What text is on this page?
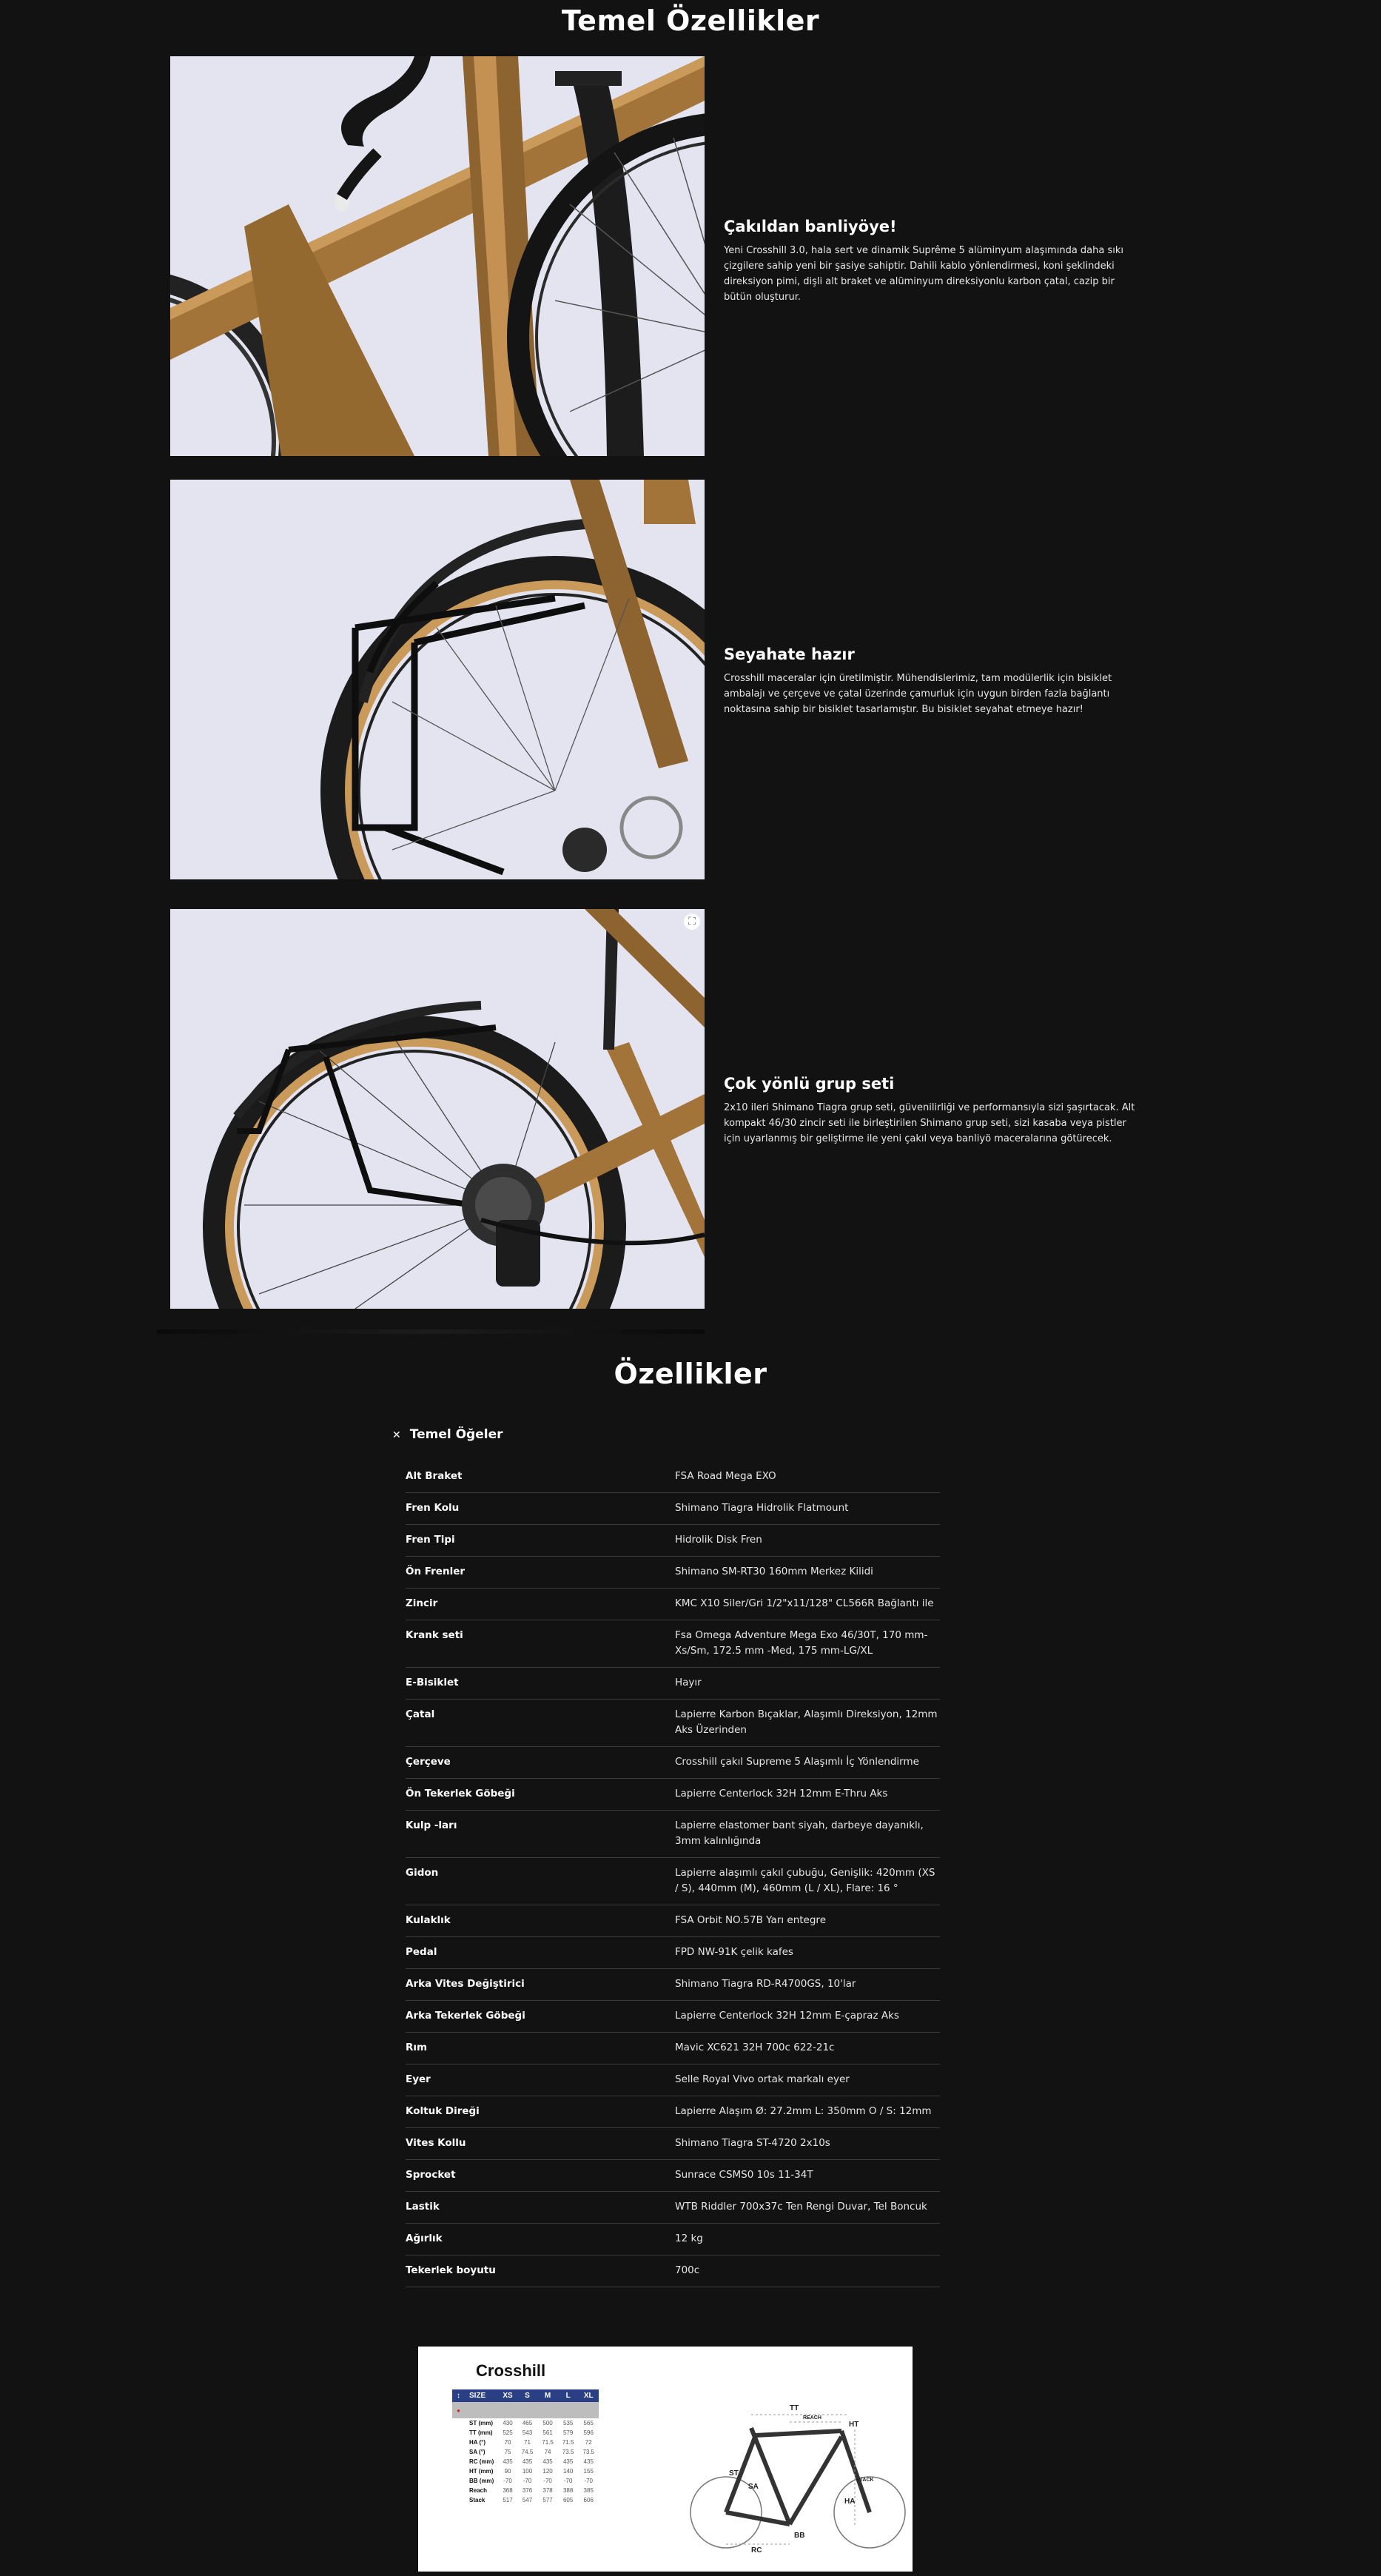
Temel Özellikler
Çakıldan banliyöye!

Yeni Crosshill 3.0, hala sert ve dinamik Suprême 5 alüminyum alaşımında daha sıkı çizgilere sahip yeni bir şasiye sahiptir. Dahili kablo yönlendirmesi, koni şeklindeki direksiyon pimi, dişli alt braket ve alüminyum direksiyonlu karbon çatal, cazip bir bütün oluşturur.

Seyahate hazır

Crosshill maceralar için üretilmiştir. Mühendislerimiz, tam modülerlik için bisiklet ambalajı ve çerçeve ve çatal üzerinde çamurluk için uygun birden fazla bağlantı noktasına sahip bir bisiklet tasarlamıştır. Bu bisiklet seyahat etmeye hazır!

⛶
Çok yönlü grup seti

2x10 ileri Shimano Tiagra grup seti, güvenilirliği ve performansıyla sizi şaşırtacak. Alt kompakt 46/30 zincir seti ile birleştirilen Shimano grup seti, sizi kasaba veya pistler için uyarlanmış bir geliştirme ile yeni çakıl veya banliyö maceralarına götürecek.

Özellikler
✕ Temel Öğeler
Alt Braket	FSA Road Mega EXO
Fren Kolu	Shimano Tiagra Hidrolik Flatmount
Fren Tipi	Hidrolik Disk Fren
Ön Frenler	Shimano SM-RT30 160mm Merkez Kilidi
Zincir	KMC X10 Siler/Gri 1/2"x11/128" CL566R Bağlantı ile
Krank seti	Fsa Omega Adventure Mega Exo 46/30T, 170 mm-Xs/Sm, 172.5 mm -Med, 175 mm-LG/XL
E-Bisiklet	Hayır
Çatal	Lapierre Karbon Bıçaklar, Alaşımlı Direksiyon, 12mm Aks Üzerinden
Çerçeve	Crosshill çakıl Supreme 5 Alaşımlı İç Yönlendirme
Ön Tekerlek Göbeği	Lapierre Centerlock 32H 12mm E-Thru Aks
Kulp -ları	Lapierre elastomer bant siyah, darbeye dayanıklı, 3mm kalınlığında
Gidon	Lapierre alaşımlı çakıl çubuğu, Genişlik: 420mm (XS / S), 440mm (M), 460mm (L / XL), Flare: 16 °
Kulaklık	FSA Orbit NO.57B Yarı entegre
Pedal	FPD NW-91K çelik kafes
Arka Vites Değiştirici	Shimano Tiagra RD-R4700GS, 10'lar
Arka Tekerlek Göbeği	Lapierre Centerlock 32H 12mm E-çapraz Aks
Rım	Mavic XC621 32H 700c 622-21c
Eyer	Selle Royal Vivo ortak markalı eyer
Koltuk Direği	Lapierre Alaşım Ø: 27.2mm L: 350mm O / S: 12mm
Vites Kollu	Shimano Tiagra ST-4720 2x10s
Sprocket	Sunrace CSMS0 10s 11-34T
Lastik	WTB Riddler 700x37c Ten Rengi Duvar, Tel Boncuk
Ağırlık	12 kg
Tekerlek boyutu	700c
Crosshill
↕	SIZE	XS	S	M	L	XL
●						
	ST (mm)	430	465	500	535	565
	TT (mm)	525	543	561	579	596
	HA (°)	70	71	71.5	71.5	72
	SA (°)	75	74.5	74	73.5	73.5
	RC (mm)	435	435	435	435	435
	HT (mm)	90	100	120	140	155
	BB (mm)	-70	-70	-70	-70	-70
	Reach	368	376	378	388	385
	Stack	517	547	577	605	606
TT
REACH
HT
ST
SA
HA
STACK
RC
BB
